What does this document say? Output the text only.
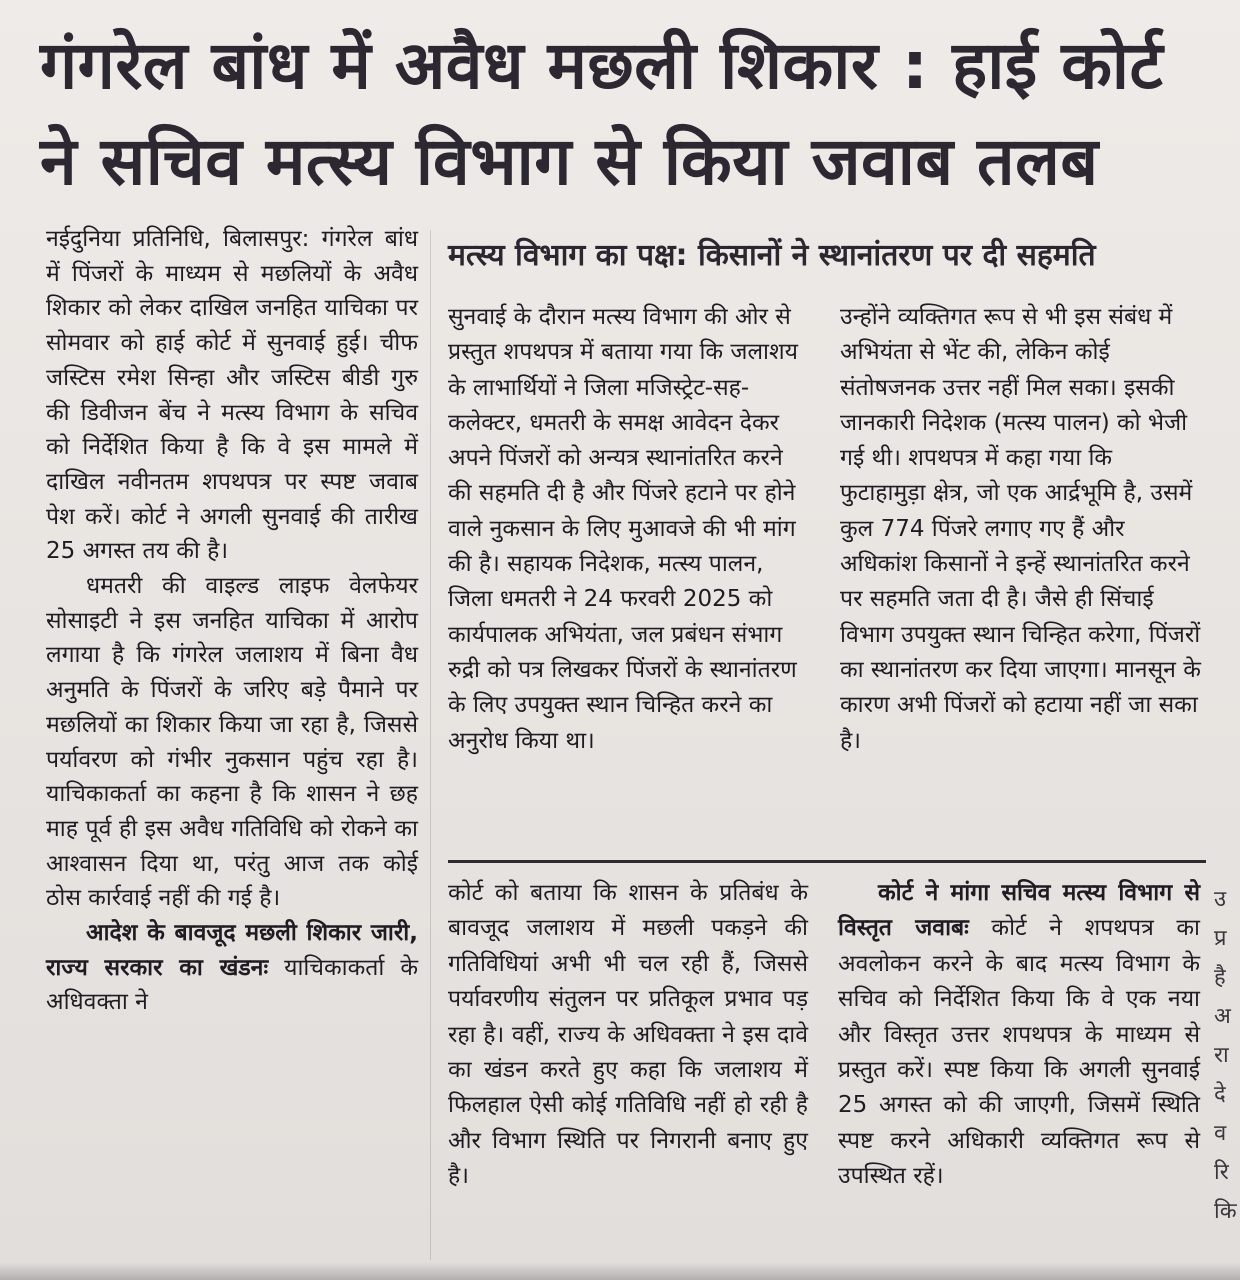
गंगरेल बांध में अवैध मछली शिकार : हाई कोर्ट
ने सचिव मत्स्य विभाग से किया जवाब तलब

नईदुनिया प्रतिनिधि, बिलासपुर: गंगरेल बांध में पिंजरों के माध्यम से मछलियों के अवैध शिकार को लेकर दाखिल जनहित याचिका पर सोमवार को हाई कोर्ट में सुनवाई हुई। चीफ जस्टिस रमेश सिन्हा और जस्टिस बीडी गुरु की डिवीजन बेंच ने मत्स्य विभाग के सचिव को निर्देशित किया है कि वे इस मामले में दाखिल नवीनतम शपथपत्र पर स्पष्ट जवाब पेश करें। कोर्ट ने अगली सुनवाई की तारीख 25 अगस्त तय की है।

धमतरी की वाइल्ड लाइफ वेलफेयर सोसाइटी ने इस जनहित याचिका में आरोप लगाया है कि गंगरेल जलाशय में बिना वैध अनुमति के पिंजरों के जरिए बड़े पैमाने पर मछलियों का शिकार किया जा रहा है, जिससे पर्यावरण को गंभीर नुकसान पहुंच रहा है। याचिकाकर्ता का कहना है कि शासन ने छह माह पूर्व ही इस अवैध गतिविधि को रोकने का आश्वासन दिया था, परंतु आज तक कोई ठोस कार्रवाई नहीं की गई है।

आदेश के बावजूद मछली शिकार जारी, राज्य सरकार का खंडनः याचिकाकर्ता के अधिवक्ता ने

मत्स्य विभाग का पक्ष: किसानों ने स्थानांतरण पर दी सहमति

सुनवाई के दौरान मत्स्य विभाग की ओर से प्रस्तुत शपथपत्र में बताया गया कि जलाशय के लाभार्थियों ने जिला मजिस्ट्रेट-सह-कलेक्टर, धमतरी के समक्ष आवेदन देकर अपने पिंजरों को अन्यत्र स्थानांतरित करने की सहमति दी है और पिंजरे हटाने पर होने वाले नुकसान के लिए मुआवजे की भी मांग की है। सहायक निदेशक, मत्स्य पालन, जिला धमतरी ने 24 फरवरी 2025 को कार्यपालक अभियंता, जल प्रबंधन संभाग रुद्री को पत्र लिखकर पिंजरों के स्थानांतरण के लिए उपयुक्त स्थान चिन्हित करने का अनुरोध किया था।

उन्होंने व्यक्तिगत रूप से भी इस संबंध में अभियंता से भेंट की, लेकिन कोई संतोषजनक उत्तर नहीं मिल सका। इसकी जानकारी निदेशक (मत्स्य पालन) को भेजी गई थी। शपथपत्र में कहा गया कि फुटाहामुड़ा क्षेत्र, जो एक आर्द्रभूमि है, उसमें कुल 774 पिंजरे लगाए गए हैं और अधिकांश किसानों ने इन्हें स्थानांतरित करने पर सहमति जता दी है। जैसे ही सिंचाई विभाग उपयुक्त स्थान चिन्हित करेगा, पिंजरों का स्थानांतरण कर दिया जाएगा। मानसून के कारण अभी पिंजरों को हटाया नहीं जा सका है।

कोर्ट को बताया कि शासन के प्रतिबंध के बावजूद जलाशय में मछली पकड़ने की गतिविधियां अभी भी चल रही हैं, जिससे पर्यावरणीय संतुलन पर प्रतिकूल प्रभाव पड़ रहा है। वहीं, राज्य के अधिवक्ता ने इस दावे का खंडन करते हुए कहा कि जलाशय में फिलहाल ऐसी कोई गतिविधि नहीं हो रही है और विभाग स्थिति पर निगरानी बनाए हुए है।

कोर्ट ने मांगा सचिव मत्स्य विभाग से विस्तृत जवाबः कोर्ट ने शपथपत्र का अवलोकन करने के बाद मत्स्य विभाग के सचिव को निर्देशित किया कि वे एक नया और विस्तृत उत्तर शपथपत्र के माध्यम से प्रस्तुत करें। स्पष्ट किया कि अगली सुनवाई 25 अगस्त को की जाएगी, जिसमें स्थिति स्पष्ट करने अधिकारी व्यक्तिगत रूप से उपस्थित रहें।

उ
प्र
है
अ
रा
दे
व
रि
कि
